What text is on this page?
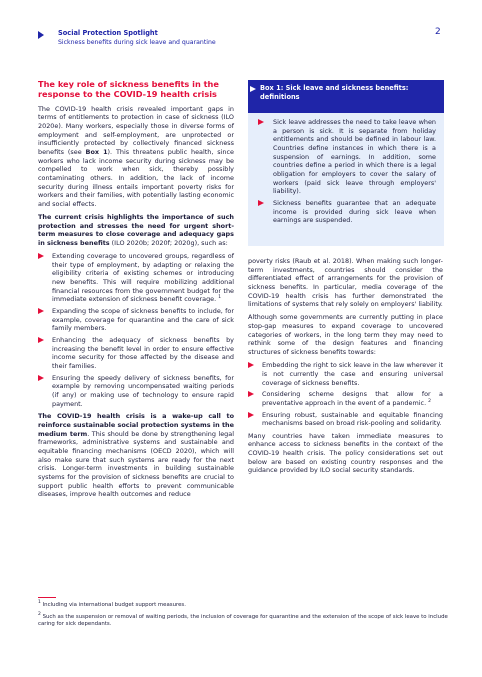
Social Protection Spotlight
Sickness benefits during sick leave and quarantine
2
The key role of sickness benefits in the response to the COVID-19 health crisis

The COVID-19 health crisis revealed important gaps in terms of entitlements to protection in case of sickness (ILO 2020e). Many workers, especially those in diverse forms of employment and self-employment, are unprotected or insufficiently protected by collectively financed sickness benefits (see Box 1). This threatens public health, since workers who lack income security during sickness may be compelled to work when sick, thereby possibly contaminating others. In addition, the lack of income security during illness entails important poverty risks for workers and their families, with potentially lasting economic and social effects.

The current crisis highlights the importance of such protection and stresses the need for urgent short-term measures to close coverage and adequacy gaps in sickness benefits (ILO 2020b; 2020f; 2020g), such as:

Extending coverage to uncovered groups, regardless of their type of employment, by adapting or relaxing the eligibility criteria of existing schemes or introducing new benefits. This will require mobilizing additional financial resources from the government budget for the immediate extension of sickness benefit coverage. $^1$
Expanding the scope of sickness benefits to include, for example, coverage for quarantine and the care of sick family members.
Enhancing the adequacy of sickness benefits by increasing the benefit level in order to ensure effective income security for those affected by the disease and their families.
Ensuring the speedy delivery of sickness benefits, for example by removing uncompensated waiting periods (if any) or making use of technology to ensure rapid payment.

The COVID-19 health crisis is a wake-up call to reinforce sustainable social protection systems in the medium term. This should be done by strengthening legal frameworks, administrative systems and sustainable and equitable financing mechanisms (OECD 2020), which will also make sure that such systems are ready for the next crisis. Longer-term investments in building sustainable systems for the provision of sickness benefits are crucial to support public health efforts to prevent communicable diseases, improve health outcomes and reduce

Box 1: Sick leave and sickness benefits: definitions
Sick leave addresses the need to take leave when a person is sick. It is separate from holiday entitlements and should be defined in labour law. Countries define instances in which there is a suspension of earnings. In addition, some countries define a period in which there is a legal obligation for employers to cover the salary of workers (paid sick leave through employers' liability).
Sickness benefits guarantee that an adequate income is provided during sick leave when earnings are suspended.

poverty risks (Raub et al. 2018). When making such longer-term investments, countries should consider the differentiated effect of arrangements for the provision of sickness benefits. In particular, media coverage of the COVID-19 health crisis has further demonstrated the limitations of systems that rely solely on employers' liability.

Although some governments are currently putting in place stop-gap measures to expand coverage to uncovered categories of workers, in the long term they may need to rethink some of the design features and financing structures of sickness benefits towards:

Embedding the right to sick leave in the law wherever it is not currently the case and ensuring universal coverage of sickness benefits.
Considering scheme designs that allow for a preventative approach in the event of a pandemic. $^2$
Ensuring robust, sustainable and equitable financing mechanisms based on broad risk-pooling and solidarity.

Many countries have taken immediate measures to enhance access to sickness benefits in the context of the COVID-19 health crisis. The policy considerations set out below are based on existing country responses and the guidance provided by ILO social security standards.

$^1$ Including via international budget support measures.
$^2$ Such as the suspension or removal of waiting periods, the inclusion of coverage for quarantine and the extension of the scope of sick leave to include caring for sick dependants.
